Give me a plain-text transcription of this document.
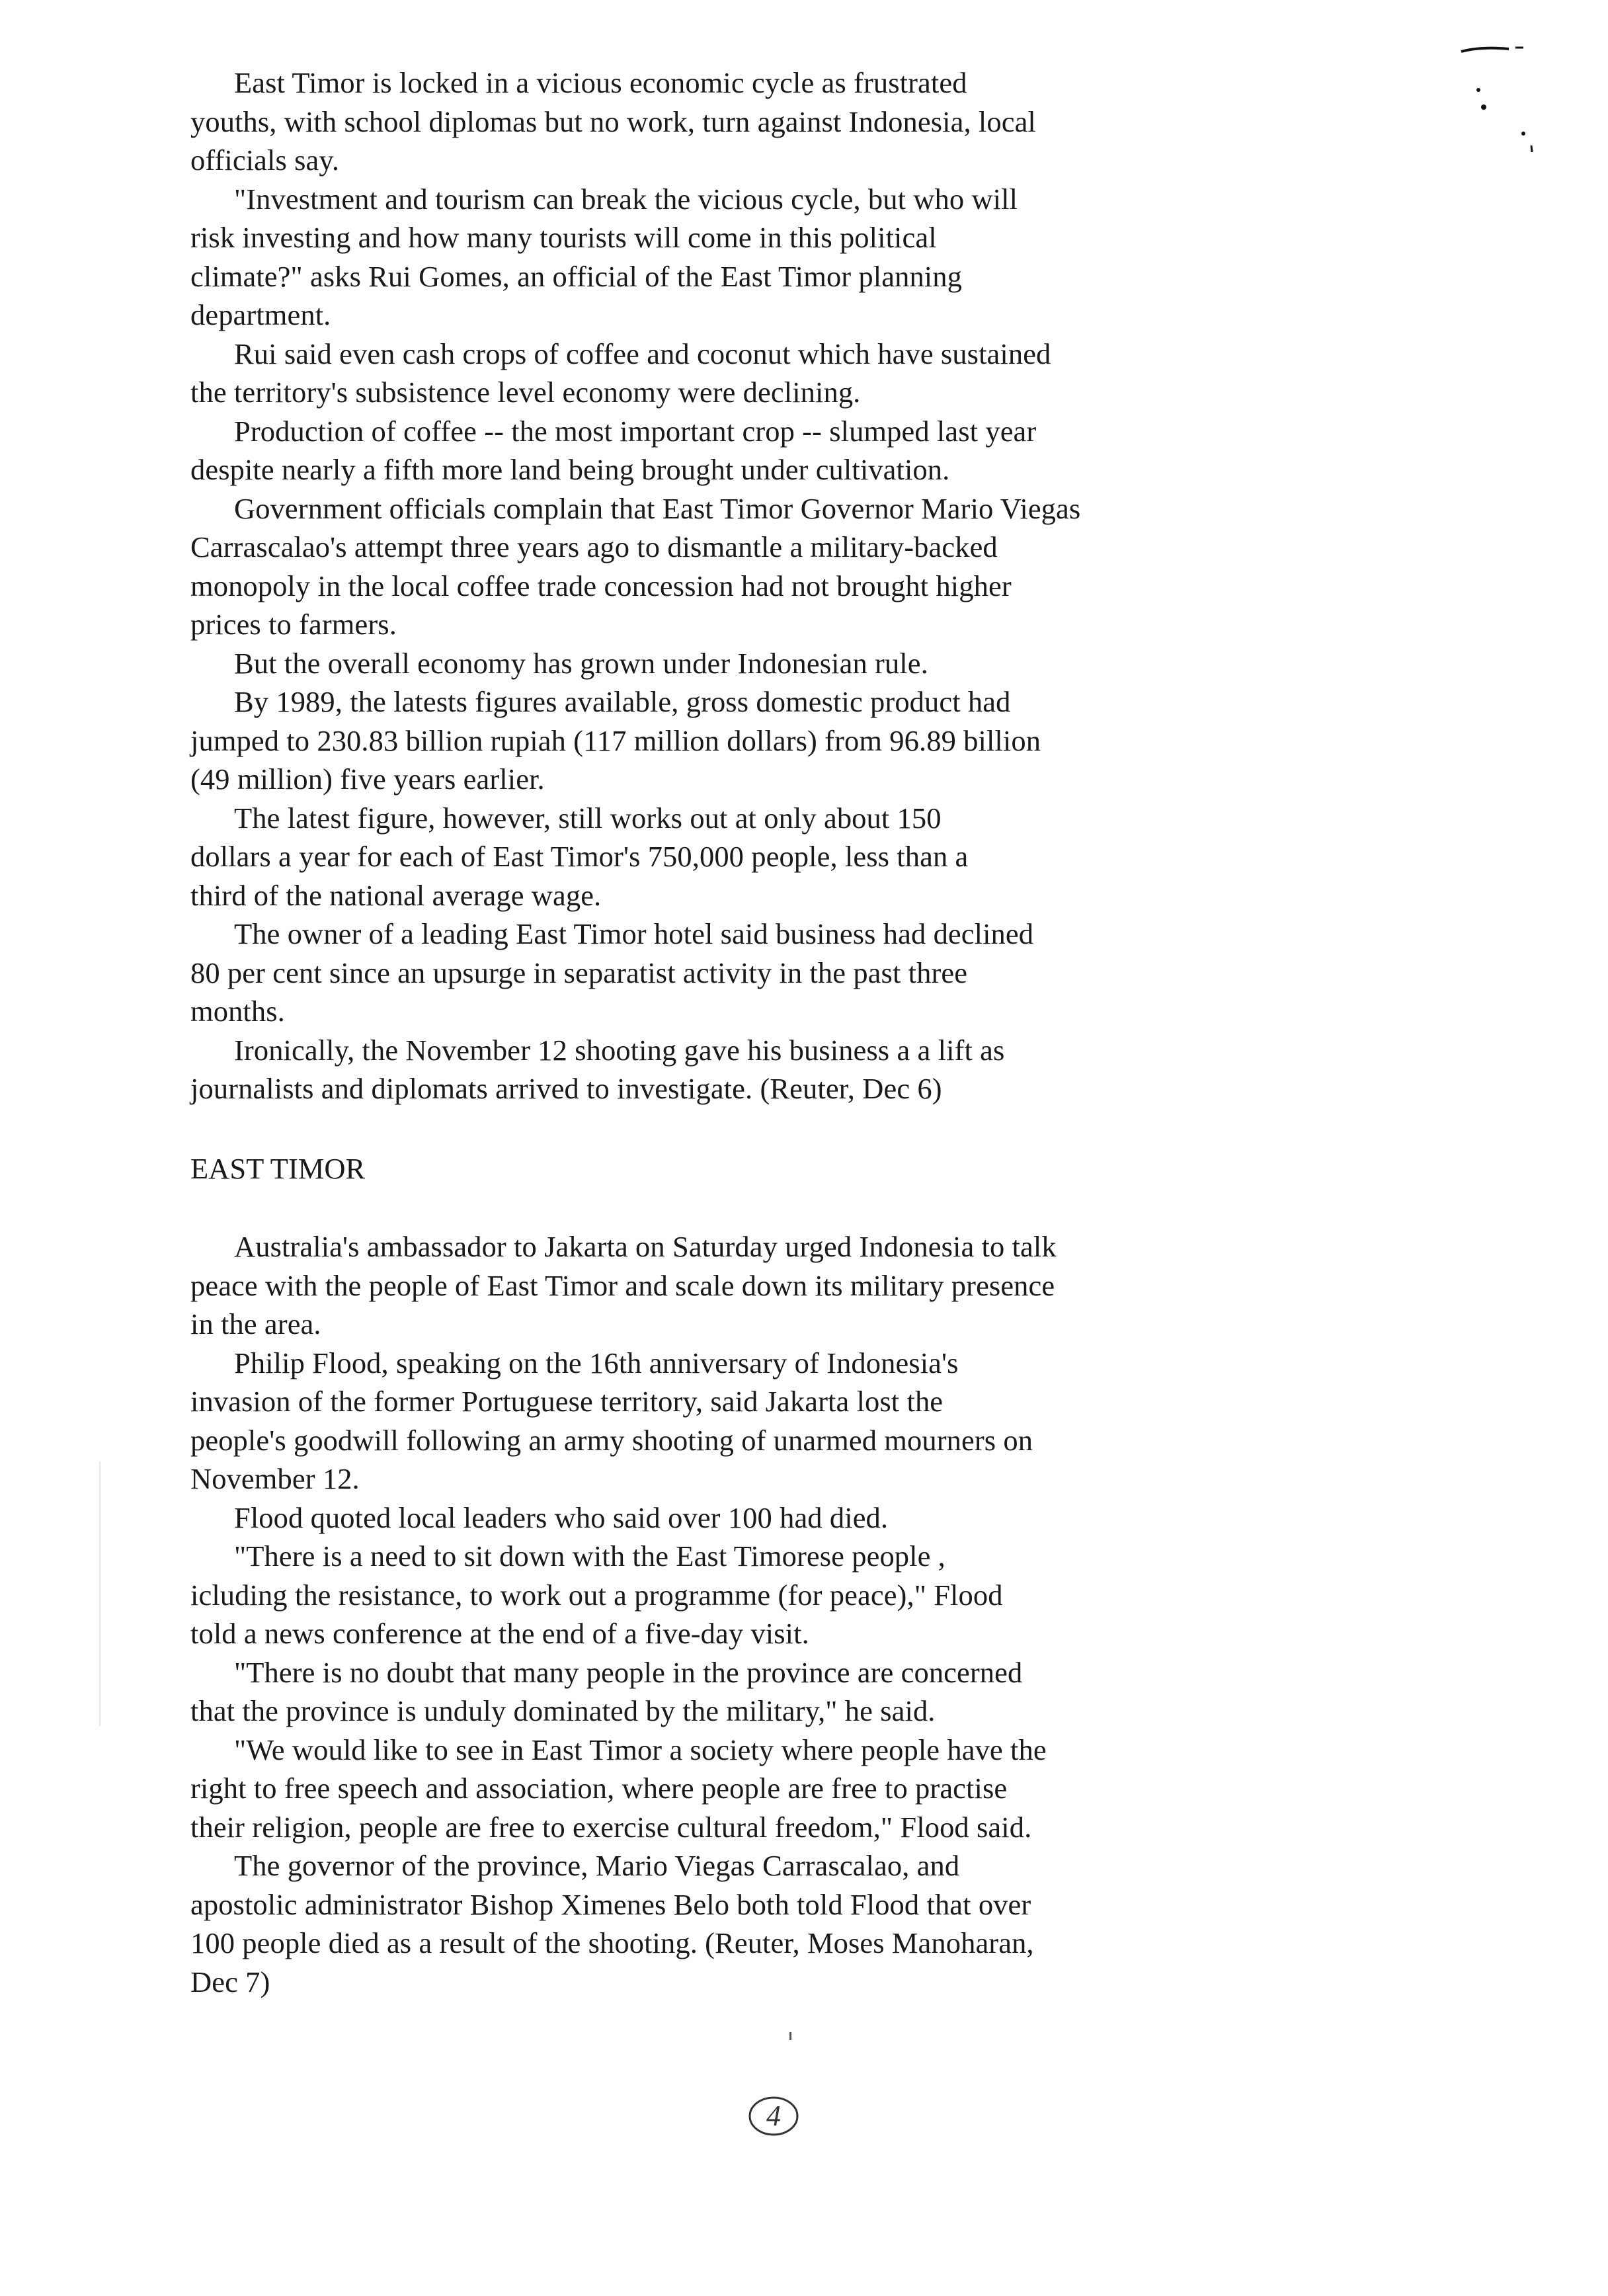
East Timor is locked in a vicious economic cycle as frustrated
youths, with school diplomas but no work, turn against Indonesia, local
officials say.

"Investment and tourism can break the vicious cycle, but who will
risk investing and how many tourists will come in this political
climate?" asks Rui Gomes, an official of the East Timor planning
department.

Rui said even cash crops of coffee and coconut which have sustained
the territory's subsistence level economy were declining.

Production of coffee -- the most important crop -- slumped last year
despite nearly a fifth more land being brought under cultivation.

Government officials complain that East Timor Governor Mario Viegas
Carrascalao's attempt three years ago to dismantle a military-backed
monopoly in the local coffee trade concession had not brought higher
prices to farmers.

But the overall economy has grown under Indonesian rule.

By 1989, the latests figures available, gross domestic product had
jumped to 230.83 billion rupiah (117 million dollars) from 96.89 billion
(49 million) five years earlier.

The latest figure, however, still works out at only about 150
dollars a year for each of East Timor's 750,000 people, less than a
third of the national average wage.

The owner of a leading East Timor hotel said business had declined
80 per cent since an upsurge in separatist activity in the past three
months.

Ironically, the November 12 shooting gave his business a a lift as
journalists and diplomats arrived to investigate. (Reuter, Dec 6)

EAST TIMOR

Australia's ambassador to Jakarta on Saturday urged Indonesia to talk
peace with the people of East Timor and scale down its military presence
in the area.

Philip Flood, speaking on the 16th anniversary of Indonesia's
invasion of the former Portuguese territory, said Jakarta lost the
people's goodwill following an army shooting of unarmed mourners on
November 12.

Flood quoted local leaders who said over 100 had died.

"There is a need to sit down with the East Timorese people ,
icluding the resistance, to work out a programme (for peace)," Flood
told a news conference at the end of a five-day visit.

"There is no doubt that many people in the province are concerned
that the province is unduly dominated by the military," he said.

"We would like to see in East Timor a society where people have the
right to free speech and association, where people are free to practise
their religion, people are free to exercise cultural freedom," Flood said.

The governor of the province, Mario Viegas Carrascalao, and
apostolic administrator Bishop Ximenes Belo both told Flood that over
100 people died as a result of the shooting. (Reuter, Moses Manoharan,
Dec 7)

4
